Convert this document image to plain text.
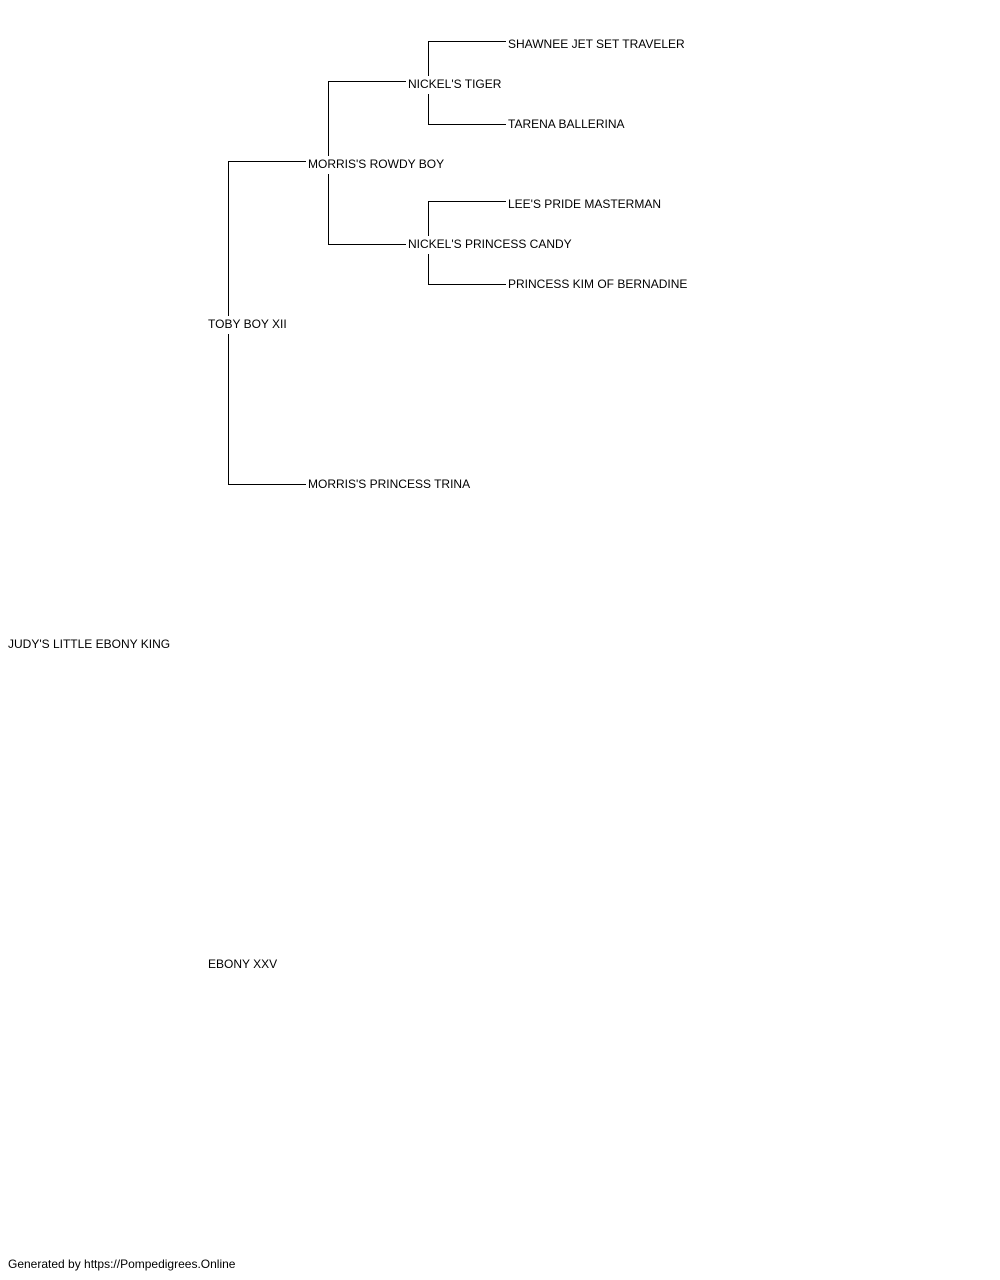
SHAWNEE JET SET TRAVELER
NICKEL'S TIGER
TARENA BALLERINA
MORRIS'S ROWDY BOY
LEE'S PRIDE MASTERMAN
NICKEL'S PRINCESS CANDY
PRINCESS KIM OF BERNADINE
TOBY BOY XII
MORRIS'S PRINCESS TRINA
JUDY'S LITTLE EBONY KING
EBONY XXV
Generated by https://Pompedigrees.Online
